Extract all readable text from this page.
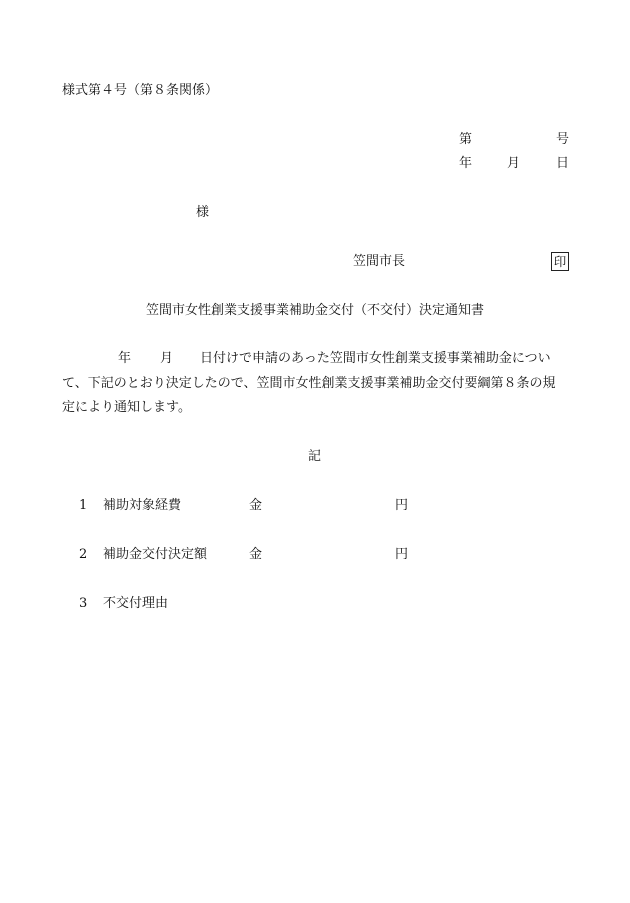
様式第４号（第８条関係）
第	号
年	月	日
様
笠間市長	印
笠間市女性創業支援事業補助金交付（不交付）決定通知書
年 月 日付けで申請のあった笠間市女性創業支援事業補助金につい
て、下記のとおり決定したので、笠間市女性創業支援事業補助金交付要綱第８条の規
定により通知します。
記
1 補助対象経費	金	円
2 補助金交付決定額	金	円
3 不交付理由
